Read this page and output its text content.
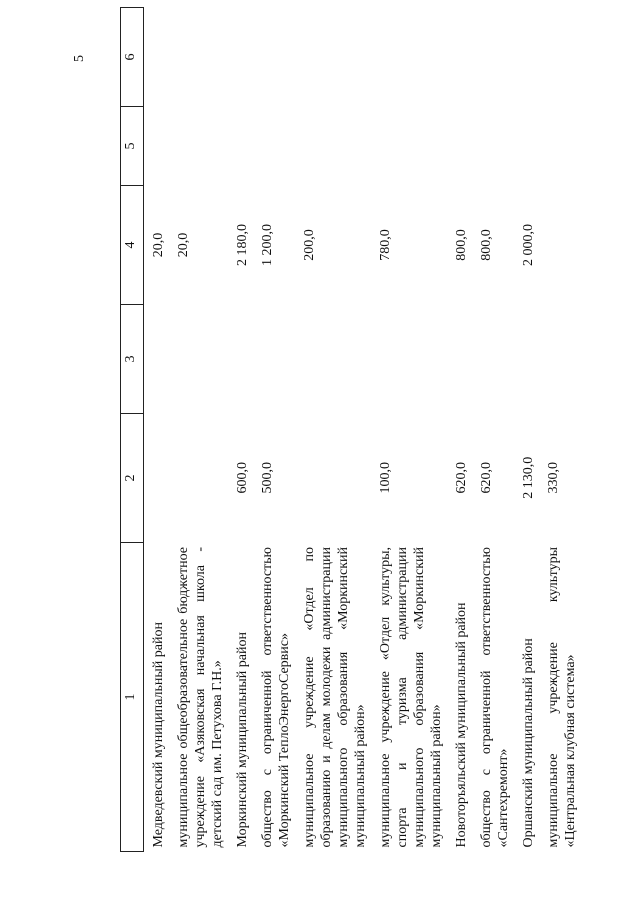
5
1	2	3	4	5	6
Медведевский муниципальный район			20,0		
муниципальное общеобразовательное бюджетное учреждение «Азяковская начальная школа - детский сад им. Петухова Г.Н.»			20,0		
Моркинский муниципальный район	600,0		2 180,0		
общество с ограниченной ответственностью «Моркинский ТеплоЭнергоСервис»	500,0		1 200,0		
муниципальное учреждение «Отдел по образованию и делам молодежи администрации муниципального образования «Моркинский муниципальный район»			200,0		
муниципальное учреждение «Отдел культуры, спорта и туризма администрации муниципального образования «Моркинский муниципальный район»	100,0		780,0		
Новоторъяльский муниципальный район	620,0		800,0		
общество с ограниченной ответственностью «Сантехремонт»	620,0		800,0		
Оршанский муниципальный район	2 130,0		2 000,0		
муниципальное учреждение культуры «Центральная клубная система»	330,0				
